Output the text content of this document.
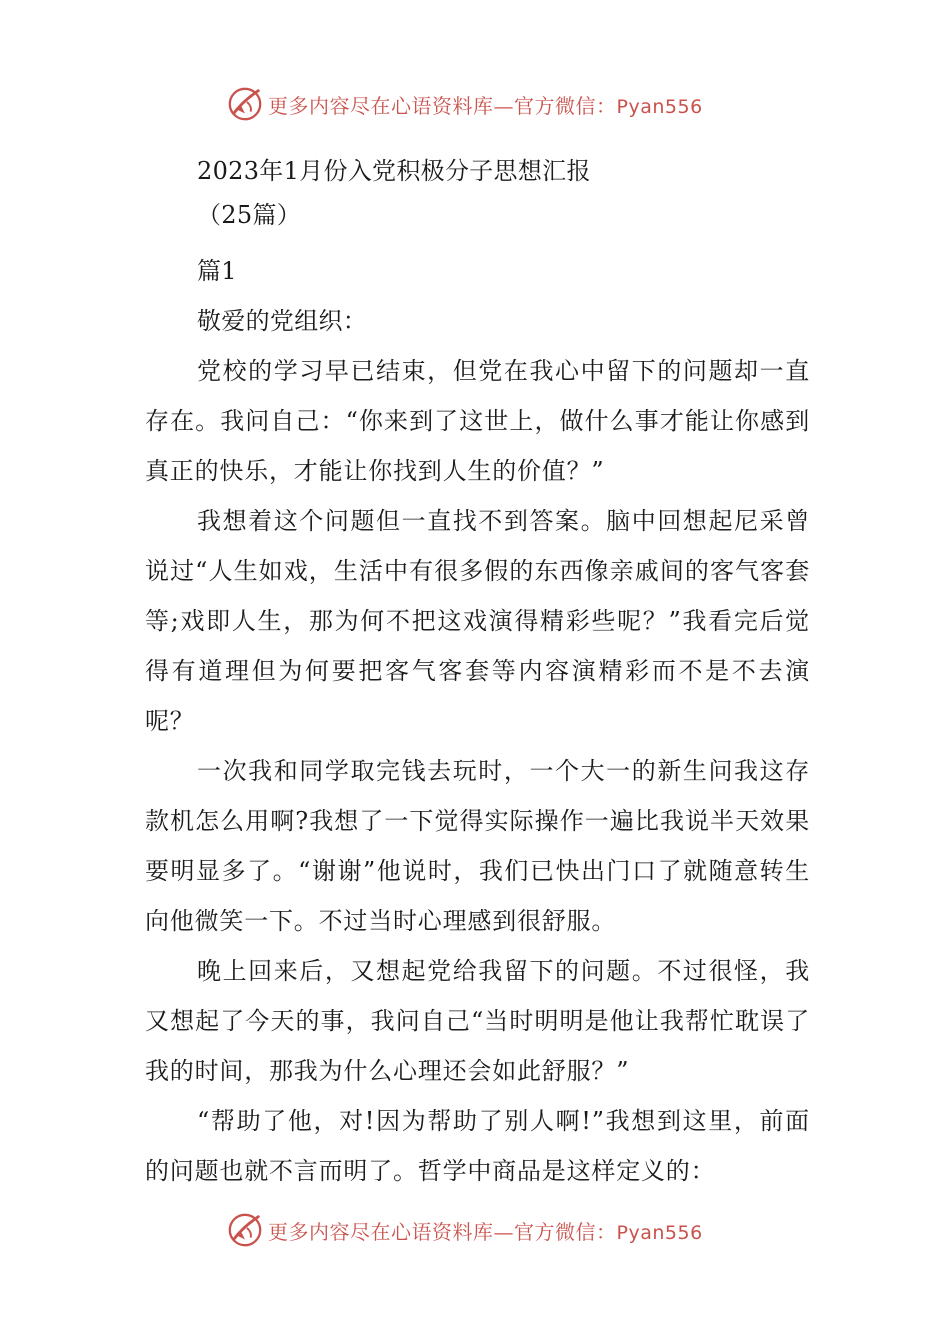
更多内容尽在心语资料库—官方微信：Pyan556
2023年1月份入党积极分子思想汇报
（25篇）
篇1
敬爱的党组织：

党校的学习早已结束，但党在我心中留下的问题却一直存在。我问自己：“你来到了这世上，做什么事才能让你感到真正的快乐，才能让你找到人生的价值？”

我想着这个问题但一直找不到答案。脑中回想起尼采曾说过“人生如戏，生活中有很多假的东西像亲戚间的客气客套等;戏即人生，那为何不把这戏演得精彩些呢？”我看完后觉得有道理但为何要把客气客套等内容演精彩而不是不去演呢？

一次我和同学取完钱去玩时，一个大一的新生问我这存款机怎么用啊?我想了一下觉得实际操作一遍比我说半天效果要明显多了。“谢谢”他说时，我们已快出门口了就随意转生向他微笑一下。不过当时心理感到很舒服。

晚上回来后，又想起党给我留下的问题。不过很怪，我又想起了今天的事，我问自己“当时明明是他让我帮忙耽误了我的时间，那我为什么心理还会如此舒服？”

“帮助了他，对!因为帮助了别人啊!”我想到这里，前面的问题也就不言而明了。哲学中商品是这样定义的：

更多内容尽在心语资料库—官方微信：Pyan556
